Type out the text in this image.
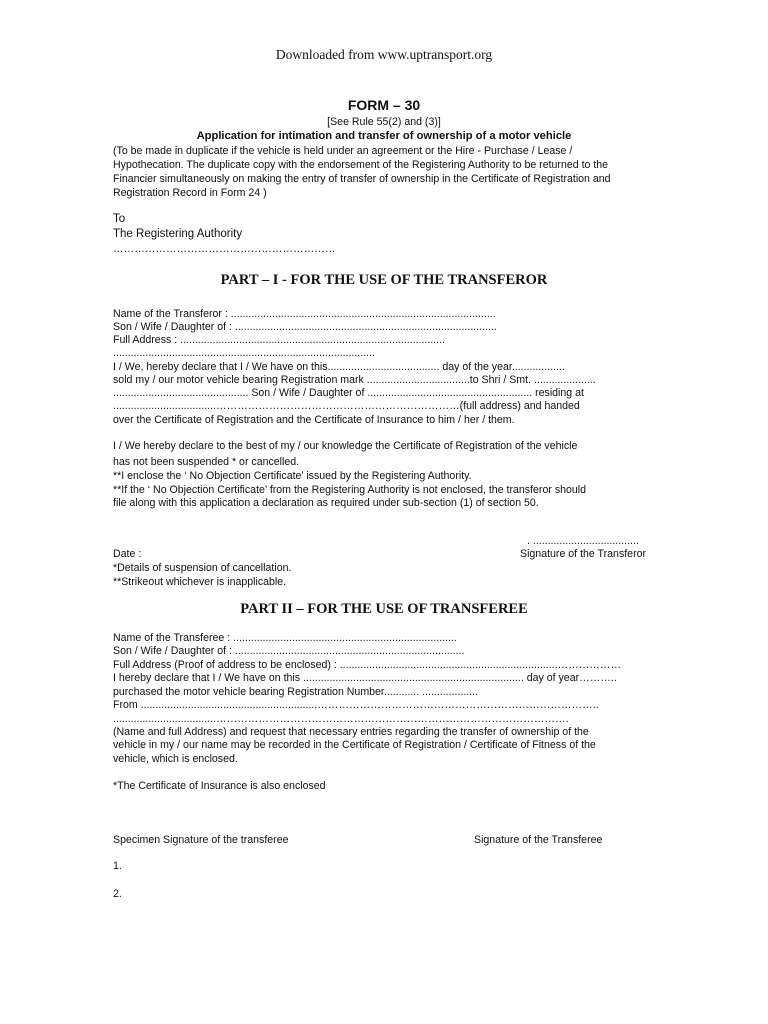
Downloaded from www.uptransport.org
FORM – 30
[See Rule 55(2) and (3)]
Application for intimation and transfer of ownership of a motor vehicle
(To be made in duplicate if the vehicle is held under an agreement or the Hire - Purchase / Lease /
Hypothecation. The duplicate copy with the endorsement of the Registering Authority to be returned to the
Financier simultaneously on making the entry of transfer of ownership in the Certificate of Registration and
Registration Record in Form 24 )
To
The Registering Authority
………………………………………………………
PART – I - FOR THE USE OF THE TRANSFEROR
Name of the Transferor : ..........................................................................................
Son / Wife / Daughter of : .........................................................................................
Full Address : ..........................................................................................
.........................................................................................
I / We, hereby declare that I / We have on this...................................... day of the year..................
sold my / our motor vehicle bearing Registration mark ...................................to Shri / Smt. .....................
.............................................. Son / Wife / Daughter of ........................................................ residing at
...................................……………………………………………………………(full address) and handed
over the Certificate of Registration and the Certificate of Insurance to him / her / them.
I / We hereby declare to the best of my / our knowledge the Certificate of Registration of the vehicle
has not been suspended * or cancelled.
**I enclose the ‘ No Objection Certificate’ issued by the Registering Authority.
**If the ‘ No Objection Certificate’ from the Registering Authority is not enclosed, the transferor should
file along with this application a declaration as required under sub-section (1) of section 50.
. ....................................
Date :	Signature of the Transferor
*Details of suspension of cancellation.
**Strikeout whichever is inapplicable.
PART II – FOR THE USE OF TRANSFEREE
Name of the Transferee : ............................................................................
Son / Wife / Daughter of : ..............................................................................
Full Address (Proof of address to be enclosed) : ..........................................................................………………
I hereby declare that I / We have on this ........................................................................... day of year………..
purchased the motor vehicle bearing Registration Number............ ...................
From ............................................................……………………………………………………………………..
...................................……………………………………………………………………………………….
(Name and full Address) and request that necessary entries regarding the transfer of ownership of the
vehicle in my / our name may be recorded in the Certificate of Registration / Certificate of Fitness of the
vehicle, which is enclosed.
*The Certificate of Insurance is also enclosed
Specimen Signature of the transferee	Signature of the Transferee
1.
2.
